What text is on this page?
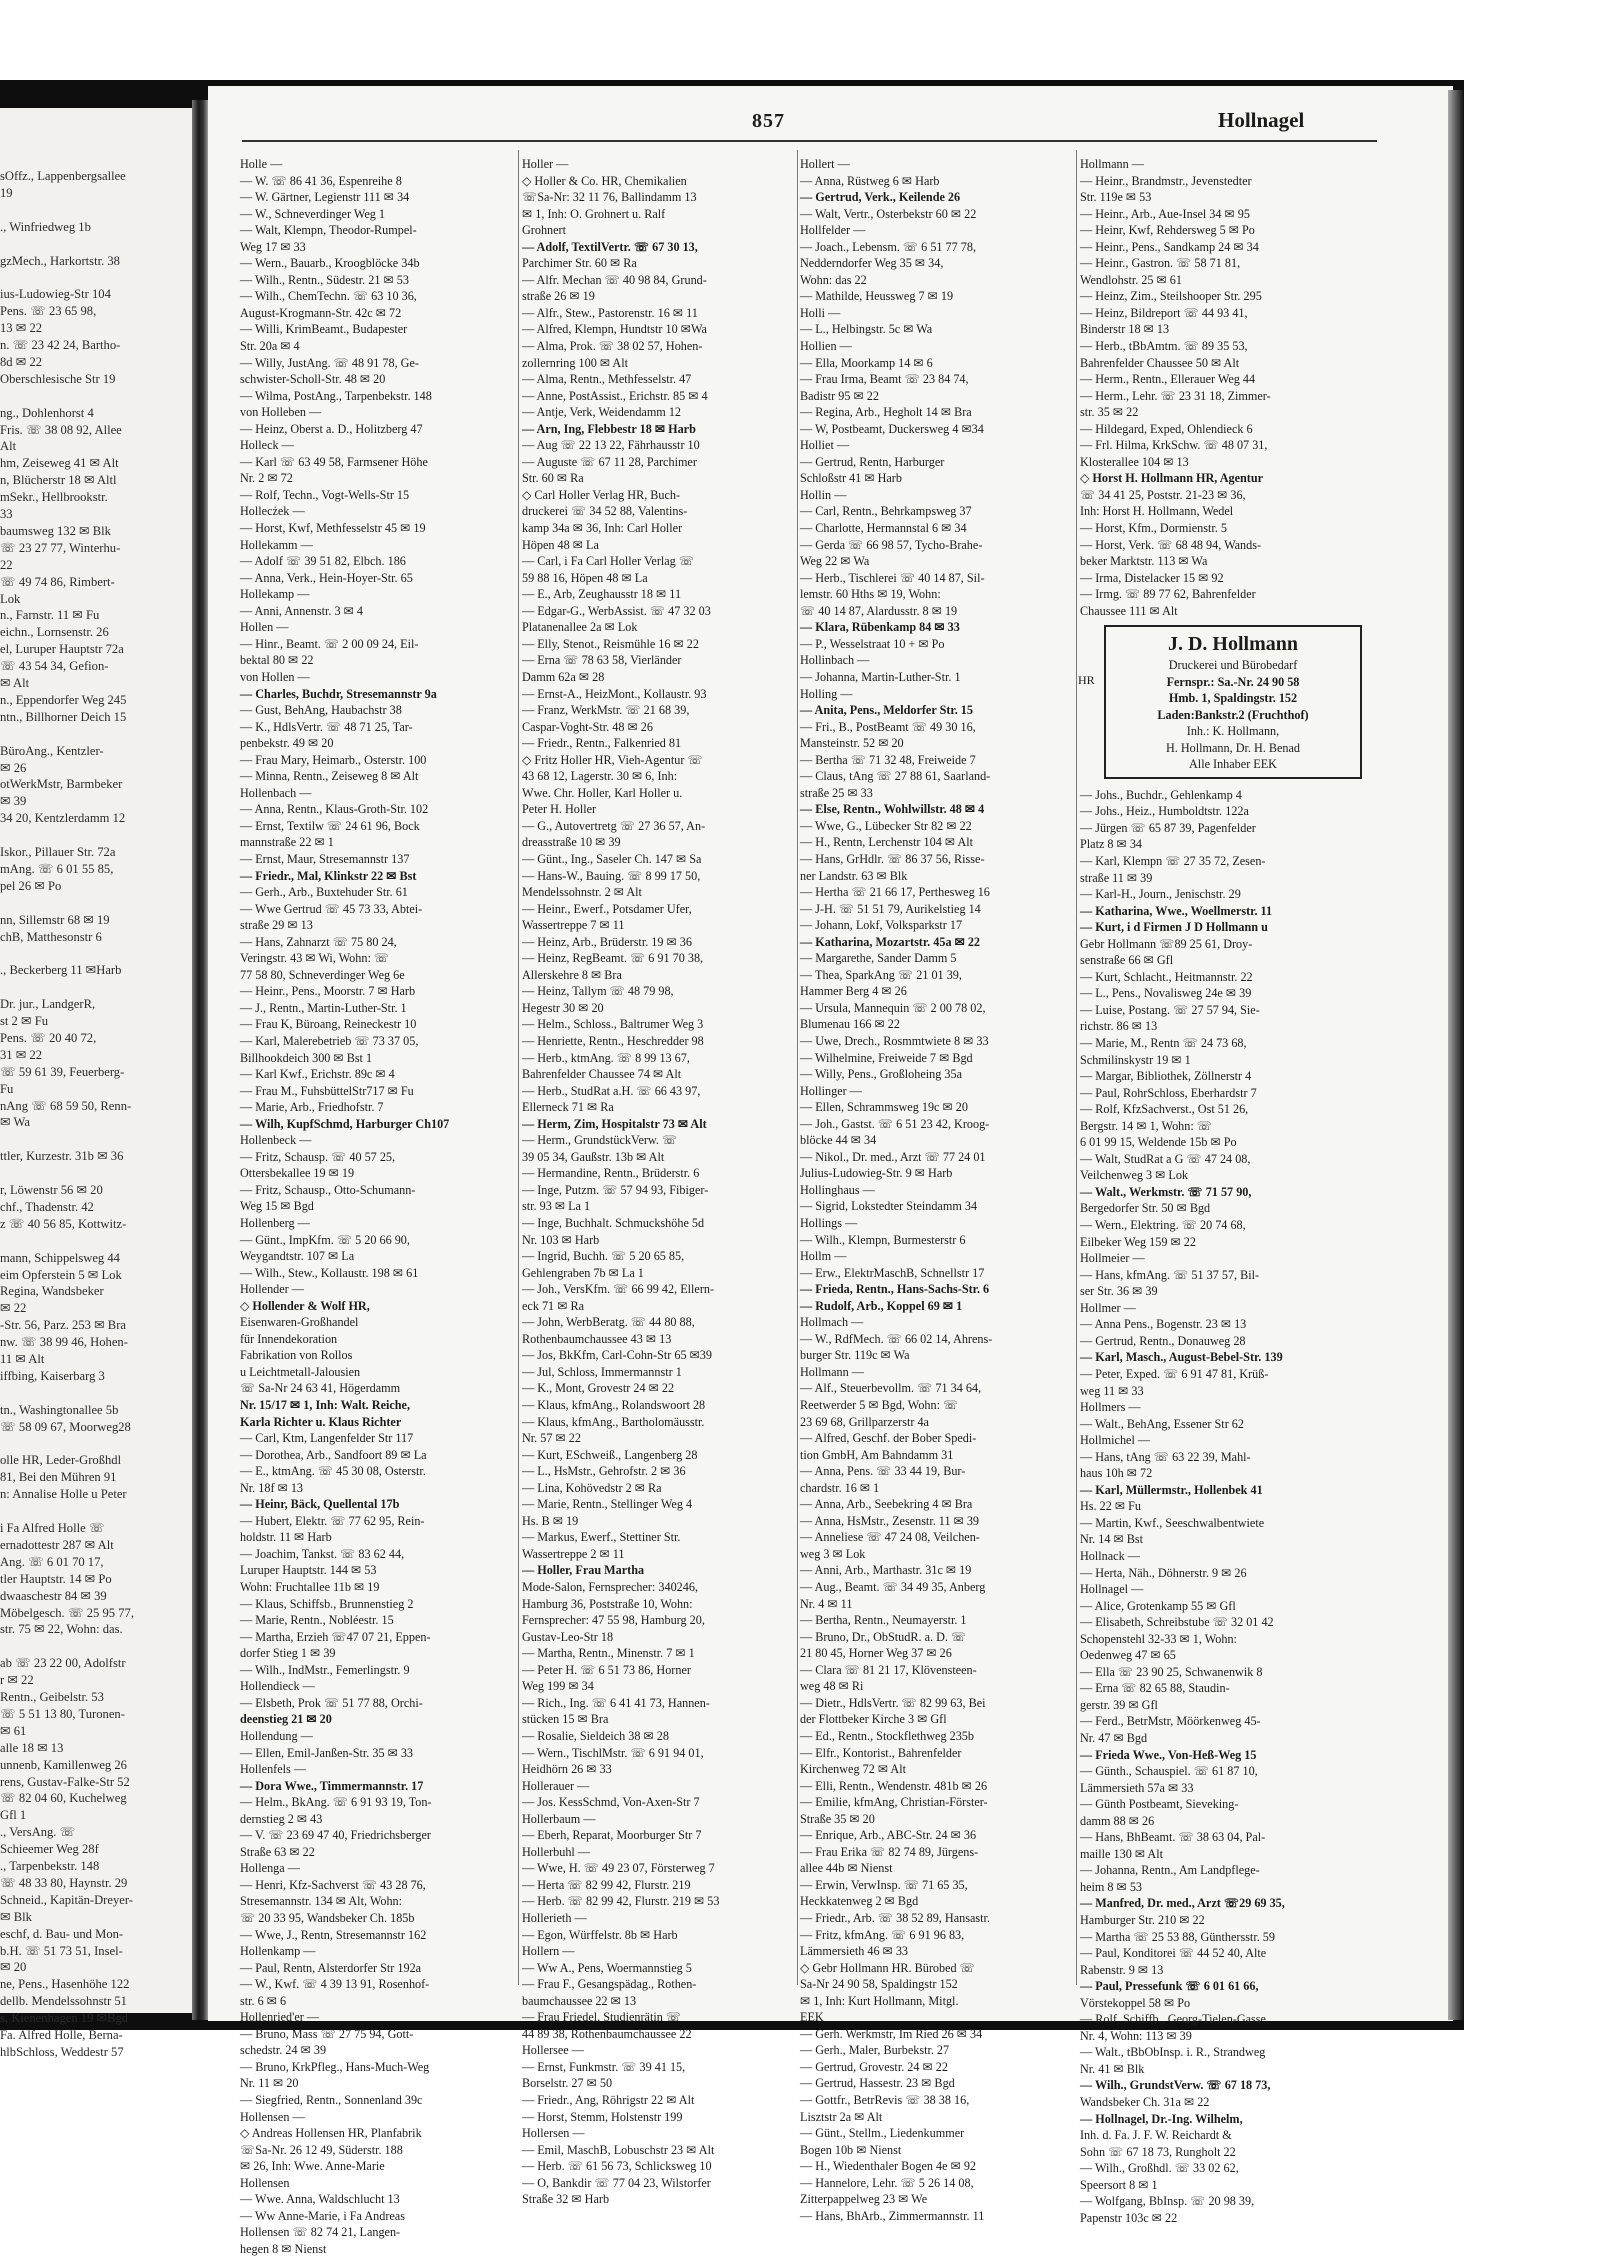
sOffz., Lappenbergsallee
19

., Winfriedweg 1b

gzMech., Harkortstr. 38

ius-Ludowieg-Str 104
Pens. ☏ 23 65 98,
13 ✉ 22
n. ☏ 23 42 24, Bartho-
8d ✉ 22
Oberschlesische Str 19

ng., Dohlenhorst 4
Fris. ☏ 38 08 92, Allee
Alt
hm, Zeiseweg 41 ✉ Alt
n, Blücherstr 18 ✉ Altl
mSekr., Hellbrookstr.
33
baumsweg 132 ✉ Blk
☏ 23 27 77, Winterhu-
22
☏ 49 74 86, Rimbert-
Lok
n., Farnstr. 11 ✉ Fu
eichn., Lornsenstr. 26
el, Luruper Hauptstr 72a
☏ 43 54 34, Gefion-
✉ Alt
n., Eppendorfer Weg 245
ntn., Billhorner Deich 15

BüroAng., Kentzler-
✉ 26
otWerkMstr, Barmbeker
✉ 39
34 20, Kentzlerdamm 12

Iskor., Pillauer Str. 72a
mAng. ☏ 6 01 55 85,
pel 26 ✉ Po

nn, Sillemstr 68 ✉ 19
chB, Matthesonstr 6

., Beckerberg 11 ✉Harb

Dr. jur., LandgerR,
st 2 ✉ Fu
Pens. ☏ 20 40 72,
31 ✉ 22
☏ 59 61 39, Feuerberg-
Fu
nAng ☏ 68 59 50, Renn-
✉ Wa

ttler, Kurzestr. 31b ✉ 36

r, Löwenstr 56 ✉ 20
chf., Thadenstr. 42
z ☏ 40 56 85, Kottwitz-

mann, Schippelsweg 44
eim Opferstein 5 ✉ Lok
Regina, Wandsbeker
✉ 22
-Str. 56, Parz. 253 ✉ Bra
nw. ☏ 38 99 46, Hohen-
11 ✉ Alt
iffbing, Kaiserbarg 3

tn., Washingtonallee 5b
☏ 58 09 67, Moorweg28

olle HR, Leder-Großhdl
81, Bei den Mühren 91
n: Annalise Holle u Peter

i Fa Alfred Holle ☏
ernadottestr 287 ✉ Alt
Ang. ☏ 6 01 70 17,
tler Hauptstr. 14 ✉ Po
dwaaschestr 84 ✉ 39
Möbelgesch. ☏ 25 95 77,
str. 75 ✉ 22, Wohn: das.

ab ☏ 23 22 00, Adolfstr
r ✉ 22
Rentn., Geibelstr. 53
☏ 5 51 13 80, Turonen-
✉ 61
alle 18 ✉ 13
unnenb, Kamillenweg 26
rens, Gustav-Falke-Str 52
☏ 82 04 60, Kuchelweg
Gfl 1
., VersAng. ☏
Schieemer Weg 28f
., Tarpenbekstr. 148
☏ 48 33 80, Haynstr. 29
Schneid., Kapitän-Dreyer-
✉ Blk
eschf, d. Bau- und Mon-
b.H. ☏ 51 73 51, Insel-
✉ 20
ne, Pens., Hasenhöhe 122
dellb. Mendelssohnstr 51
s, Kienenhagen 19 ✉Bgd
Fa. Alfred Holle, Berna-
hlbSchloss, Weddestr 57
857	Hollnagel
Holle —
— W. ☏ 86 41 36, Espenreihe 8
— W. Gärtner, Legienstr 111 ✉ 34
— W., Schneverdinger Weg 1
— Walt, Klempn, Theodor-Rumpel-
Weg 17 ✉ 33
— Wern., Bauarb., Kroogblöcke 34b
— Wilh., Rentn., Südestr. 21 ✉ 53
— Wilh., ChemTechn. ☏ 63 10 36,
August-Krogmann-Str. 42c ✉ 72
— Willi, KrimBeamt., Budapester
Str. 20a ✉ 4
— Willy, JustAng. ☏ 48 91 78, Ge-
schwister-Scholl-Str. 48 ✉ 20
— Wilma, PostAng., Tarpenbekstr. 148
von Holleben —
— Heinz, Oberst a. D., Holitzberg 47
Holleck —
— Karl ☏ 63 49 58, Farmsener Höhe
Nr. 2 ✉ 72
— Rolf, Techn., Vogt-Wells-Str 15
Hollecżek —
— Horst, Kwf, Methfesselstr 45 ✉ 19
Hollekamm —
— Adolf ☏ 39 51 82, Elbch. 186
— Anna, Verk., Hein-Hoyer-Str. 65
Hollekamp —
— Anni, Annenstr. 3 ✉ 4
Hollen —
— Hinr., Beamt. ☏ 2 00 09 24, Eil-
bektal 80 ✉ 22
von Hollen —
— Charles, Buchdr, Stresemannstr 9a
— Gust, BehAng, Haubachstr 38
— K., HdlsVertr. ☏ 48 71 25, Tar-
penbekstr. 49 ✉ 20
— Frau Mary, Heimarb., Osterstr. 100
— Minna, Rentn., Zeiseweg 8 ✉ Alt
Hollenbach —
— Anna, Rentn., Klaus-Groth-Str. 102
— Ernst, Textilw ☏ 24 61 96, Bock
mannstraße 22 ✉ 1
— Ernst, Maur, Stresemannstr 137
— Friedr., Mal, Klinkstr 22 ✉ Bst
— Gerh., Arb., Buxtehuder Str. 61
— Wwe Gertrud ☏ 45 73 33, Abtei-
straße 29 ✉ 13
— Hans, Zahnarzt ☏ 75 80 24,
Veringstr. 43 ✉ Wi, Wohn: ☏
77 58 80, Schneverdinger Weg 6e
— Heinr., Pens., Moorstr. 7 ✉ Harb
— J., Rentn., Martin-Luther-Str. 1
— Frau K, Büroang, Reineckestr 10
— Karl, Malerebetrieb ☏ 73 37 05,
Billhookdeich 300 ✉ Bst 1
— Karl Kwf., Erichstr. 89c ✉ 4
— Frau M., FuhsbüttelStr717 ✉ Fu
— Marie, Arb., Friedhofstr. 7
— Wilh, KupfSchmd, Harburger Ch107
Hollenbeck —
— Fritz, Schausp. ☏ 40 57 25,
Ottersbekallee 19 ✉ 19
— Fritz, Schausp., Otto-Schumann-
Weg 15 ✉ Bgd
Hollenberg —
— Günt., ImpKfm. ☏ 5 20 66 90,
Weygandtstr. 107 ✉ La
— Wilh., Stew., Kollaustr. 198 ✉ 61
Hollender —
◇ Hollender & Wolf HR,
Eisenwaren-Großhandel
für Innendekoration
Fabrikation von Rollos
u Leichtmetall-Jalousien
☏ Sa-Nr 24 63 41, Högerdamm
Nr. 15/17 ✉ 1, Inh: Walt. Reiche,
Karla Richter u. Klaus Richter
— Carl, Ktm, Langenfelder Str 117
— Dorothea, Arb., Sandfoort 89 ✉ La
— E., ktmAng. ☏ 45 30 08, Osterstr.
Nr. 18f ✉ 13
— Heinr, Bäck, Quellental 17b
— Hubert, Elektr. ☏ 77 62 95, Rein-
holdstr. 11 ✉ Harb
— Joachim, Tankst. ☏ 83 62 44,
Luruper Hauptstr. 144 ✉ 53
Wohn: Fruchtallee 11b ✉ 19
— Klaus, Schiffsb., Brunnenstieg 2
— Marie, Rentn., Nobléestr. 15
— Martha, Erzieh ☏47 07 21, Eppen-
dorfer Stieg 1 ✉ 39
— Wilh., IndMstr., Femerlingstr. 9
Hollendieck —
— Elsbeth, Prok ☏ 51 77 88, Orchi-
deenstieg 21 ✉ 20
Hollendung —
— Ellen, Emil-Janßen-Str. 35 ✉ 33
Hollenfels —
— Dora Wwe., Timmermannstr. 17
— Helm., BkAng. ☏ 6 91 93 19, Ton-
dernstieg 2 ✉ 43
— V. ☏ 23 69 47 40, Friedrichsberger
Straße 63 ✉ 22
Hollenga —
— Henri, Kfz-Sachverst ☏ 43 28 76,
Stresemannstr. 134 ✉ Alt, Wohn:
☏ 20 33 95, Wandsbeker Ch. 185b
— Wwe, J., Rentn, Stresemannstr 162
Hollenkamp —
— Paul, Rentn, Alsterdorfer Str 192a
— W., Kwf. ☏ 4 39 13 91, Rosenhof-
str. 6 ✉ 6
Hollenried'er —
— Bruno, Mass ☏ 27 75 94, Gott-
schedstr. 24 ✉ 39
— Bruno, KrkPfleg., Hans-Much-Weg
Nr. 11 ✉ 20
— Siegfried, Rentn., Sonnenland 39c
Hollensen —
◇ Andreas Hollensen HR, Planfabrik
☏Sa-Nr. 26 12 49, Süderstr. 188
✉ 26, Inh: Wwe. Anne-Marie
Hollensen
— Wwe. Anna, Waldschlucht 13
— Ww Anne-Marie, i Fa Andreas
Hollensen ☏ 82 74 21, Langen-
hegen 8 ✉ Nienst
Holler —
◇ Holler & Co. HR, Chemikalien
☏Sa-Nr: 32 11 76, Ballindamm 13
✉ 1, Inh: O. Grohnert u. Ralf
Grohnert
— Adolf, TextilVertr. ☏ 67 30 13,
Parchimer Str. 60 ✉ Ra
— Alfr. Mechan ☏ 40 98 84, Grund-
straße 26 ✉ 19
— Alfr., Stew., Pastorenstr. 16 ✉ 11
— Alfred, Klempn, Hundtstr 10 ✉Wa
— Alma, Prok. ☏ 38 02 57, Hohen-
zollernring 100 ✉ Alt
— Alma, Rentn., Methfesselstr. 47
— Anne, PostAssist., Erichstr. 85 ✉ 4
— Antje, Verk, Weidendamm 12
— Arn, Ing, Flebbestr 18 ✉ Harb
— Aug ☏ 22 13 22, Fährhausstr 10
— Auguste ☏ 67 11 28, Parchimer
Str. 60 ✉ Ra
◇ Carl Holler Verlag HR, Buch-
druckerei ☏ 34 52 88, Valentins-
kamp 34a ✉ 36, Inh: Carl Holler
Höpen 48 ✉ La
— Carl, i Fa Carl Holler Verlag ☏
59 88 16, Höpen 48 ✉ La
— E., Arb, Zeughausstr 18 ✉ 11
— Edgar-G., WerbAssist. ☏ 47 32 03
Platanenallee 2a ✉ Lok
— Elly, Stenot., Reismühle 16 ✉ 22
— Erna ☏ 78 63 58, Vierländer
Damm 62a ✉ 28
— Ernst-A., HeizMont., Kollaustr. 93
— Franz, WerkMstr. ☏ 21 68 39,
Caspar-Voght-Str. 48 ✉ 26
— Friedr., Rentn., Falkenried 81
◇ Fritz Holler HR, Vieh-Agentur ☏
43 68 12, Lagerstr. 30 ✉ 6, Inh:
Wwe. Chr. Holler, Karl Holler u.
Peter H. Holler
— G., Autovertretg ☏ 27 36 57, An-
dreasstraße 10 ✉ 39
— Günt., Ing., Saseler Ch. 147 ✉ Sa
— Hans-W., Bauing. ☏ 8 99 17 50,
Mendelssohnstr. 2 ✉ Alt
— Heinr., Ewerf., Potsdamer Ufer,
Wassertreppe 7 ✉ 11
— Heinz, Arb., Brüderstr. 19 ✉ 36
— Heinz, RegBeamt. ☏ 6 91 70 38,
Allerskehre 8 ✉ Bra
— Heinz, Tallym ☏ 48 79 98,
Hegestr 30 ✉ 20
— Helm., Schloss., Baltrumer Weg 3
— Henriette, Rentn., Heschredder 98
— Herb., ktmAng. ☏ 8 99 13 67,
Bahrenfelder Chaussee 74 ✉ Alt
— Herb., StudRat a.H. ☏ 66 43 97,
Ellerneck 71 ✉ Ra
— Herm, Zim, Hospitalstr 73 ✉ Alt
— Herm., GrundstückVerw. ☏
39 05 34, Gaußstr. 13b ✉ Alt
— Hermandine, Rentn., Brüderstr. 6
— Inge, Putzm. ☏ 57 94 93, Fibiger-
str. 93 ✉ La 1
— Inge, Buchhalt. Schmuckshöhe 5d
Nr. 103 ✉ Harb
— Ingrid, Buchh. ☏ 5 20 65 85,
Gehlengraben 7b ✉ La 1
— Joh., VersKfm. ☏ 66 99 42, Ellern-
eck 71 ✉ Ra
— John, WerbBeratg. ☏ 44 80 88,
Rothenbaumchaussee 43 ✉ 13
— Jos, BkKfm, Carl-Cohn-Str 65 ✉39
— Jul, Schloss, Immermannstr 1
— K., Mont, Grovestr 24 ✉ 22
— Klaus, kfmAng., Rolandswoort 28
— Klaus, kfmAng., Bartholomäusstr.
Nr. 57 ✉ 22
— Kurt, ESchweiß., Langenberg 28
— L., HsMstr., Gehrofstr. 2 ✉ 36
— Lina, Kohövedstr 2 ✉ Ra
— Marie, Rentn., Stellinger Weg 4
Hs. B ✉ 19
— Markus, Ewerf., Stettiner Str.
Wassertreppe 2 ✉ 11
— Holler, Frau Martha
Mode-Salon, Fernsprecher: 340246,
Hamburg 36, Poststraße 10, Wohn:
Fernsprecher: 47 55 98, Hamburg 20,
Gustav-Leo-Str 18
— Martha, Rentn., Minenstr. 7 ✉ 1
— Peter H. ☏ 6 51 73 86, Horner
Weg 199 ✉ 34
— Rich., Ing. ☏ 6 41 41 73, Hannen-
stücken 15 ✉ Bra
— Rosalie, Sieldeich 38 ✉ 28
— Wern., TischlMstr. ☏ 6 91 94 01,
Heidhörn 26 ✉ 33
Hollerauer —
— Jos. KessSchmd, Von-Axen-Str 7
Hollerbaum —
— Eberh, Reparat, Moorburger Str 7
Hollerbuhl —
— Wwe, H. ☏ 49 23 07, Försterweg 7
— Herta ☏ 82 99 42, Flurstr. 219
— Herb. ☏ 82 99 42, Flurstr. 219 ✉ 53
Hollerieth —
— Egon, Würffelstr. 8b ✉ Harb
Hollern —
— Ww A., Pens, Woermannstieg 5
— Frau F., Gesangspädag., Rothen-
baumchaussee 22 ✉ 13
— Frau Friedel, Studienrätin ☏
44 89 38, Rothenbaumchaussee 22
Hollersee —
— Ernst, Funkmstr. ☏ 39 41 15,
Borselstr. 27 ✉ 50
— Friedr., Ang, Röhrigstr 22 ✉ Alt
— Horst, Stemm, Holstenstr 199
Hollersen —
— Emil, MaschB, Lobuschstr 23 ✉ Alt
— Herb. ☏ 61 56 73, Schlicksweg 10
— O, Bankdir ☏ 77 04 23, Wilstorfer
Straße 32 ✉ Harb
Hollert —
— Anna, Rüstweg 6 ✉ Harb
— Gertrud, Verk., Keilende 26
— Walt, Vertr., Osterbekstr 60 ✉ 22
Hollfelder —
— Joach., Lebensm. ☏ 6 51 77 78,
Nedderndorfer Weg 35 ✉ 34,
Wohn: das 22
— Mathilde, Heussweg 7 ✉ 19
Holli —
— L., Helbingstr. 5c ✉ Wa
Hollien —
— Ella, Moorkamp 14 ✉ 6
— Frau Irma, Beamt ☏ 23 84 74,
Badistr 95 ✉ 22
— Regina, Arb., Hegholt 14 ✉ Bra
— W, Postbeamt, Duckersweg 4 ✉34
Holliet —
— Gertrud, Rentn, Harburger
Schloßstr 41 ✉ Harb
Hollin —
— Carl, Rentn., Behrkampsweg 37
— Charlotte, Hermannstal 6 ✉ 34
— Gerda ☏ 66 98 57, Tycho-Brahe-
Weg 22 ✉ Wa
— Herb., Tischlerei ☏ 40 14 87, Sil-
lemstr. 60 Hths ✉ 19, Wohn:
☏ 40 14 87, Alardusstr. 8 ✉ 19
— Klara, Rübenkamp 84 ✉ 33
— P., Wesselstraat 10 + ✉ Po
Hollinbach —
— Johanna, Martin-Luther-Str. 1
Holling —
— Anita, Pens., Meldorfer Str. 15
— Fri., B., PostBeamt ☏ 49 30 16,
Mansteinstr. 52 ✉ 20
— Bertha ☏ 71 32 48, Freiweide 7
— Claus, tAng ☏ 27 88 61, Saarland-
straße 25 ✉ 33
— Else, Rentn., Wohlwillstr. 48 ✉ 4
— Wwe, G., Lübecker Str 82 ✉ 22
— H., Rentn, Lerchenstr 104 ✉ Alt
— Hans, GrHdlr. ☏ 86 37 56, Risse-
ner Landstr. 63 ✉ Blk
— Hertha ☏ 21 66 17, Perthesweg 16
— J-H. ☏ 51 51 79, Aurikelstieg 14
— Johann, Lokf, Volksparkstr 17
— Katharina, Mozartstr. 45a ✉ 22
— Margarethe, Sander Damm 5
— Thea, SparkAng ☏ 21 01 39,
Hammer Berg 4 ✉ 26
— Ursula, Mannequin ☏ 2 00 78 02,
Blumenau 166 ✉ 22
— Uwe, Drech., Rosmmtwiete 8 ✉ 33
— Wilhelmine, Freiweide 7 ✉ Bgd
— Willy, Pens., Großloheing 35a
Hollinger —
— Ellen, Schrammsweg 19c ✉ 20
— Joh., Gastst. ☏ 6 51 23 42, Kroog-
blöcke 44 ✉ 34
— Nikol., Dr. med., Arzt ☏ 77 24 01
Julius-Ludowieg-Str. 9 ✉ Harb
Hollinghaus —
— Sigrid, Lokstedter Steindamm 34
Hollings —
— Wilh., Klempn, Burmesterstr 6
Hollm —
— Erw., ElektrMaschB, Schnellstr 17
— Frieda, Rentn., Hans-Sachs-Str. 6
— Rudolf, Arb., Koppel 69 ✉ 1
Hollmach —
— W., RdfMech. ☏ 66 02 14, Ahrens-
burger Str. 119c ✉ Wa
Hollmann —
— Alf., Steuerbevollm. ☏ 71 34 64,
Reetwerder 5 ✉ Bgd, Wohn: ☏
23 69 68, Grillparzerstr 4a
— Alfred, Geschf. der Bober Spedi-
tion GmbH, Am Bahndamm 31
— Anna, Pens. ☏ 33 44 19, Bur-
chardstr. 16 ✉ 1
— Anna, Arb., Seebekring 4 ✉ Bra
— Anna, HsMstr., Zesenstr. 11 ✉ 39
— Anneliese ☏ 47 24 08, Veilchen-
weg 3 ✉ Lok
— Anni, Arb., Marthastr. 31c ✉ 19
— Aug., Beamt. ☏ 34 49 35, Anberg
Nr. 4 ✉ 11
— Bertha, Rentn., Neumayerstr. 1
— Bruno, Dr., ObStudR. a. D. ☏
21 80 45, Horner Weg 37 ✉ 26
— Clara ☏ 81 21 17, Klövensteen-
weg 48 ✉ Ri
— Dietr., HdlsVertr. ☏ 82 99 63, Bei
der Flottbeker Kirche 3 ✉ Gfl
— Ed., Rentn., Stockflethweg 235b
— Elfr., Kontorist., Bahrenfelder
Kirchenweg 72 ✉ Alt
— Elli, Rentn., Wendenstr. 481b ✉ 26
— Emilie, kfmAng, Christian-Förster-
Straße 35 ✉ 20
— Enrique, Arb., ABC-Str. 24 ✉ 36
— Frau Erika ☏ 82 74 89, Jürgens-
allee 44b ✉ Nienst
— Erwin, VerwInsp. ☏ 71 65 35,
Heckkatenweg 2 ✉ Bgd
— Friedr., Arb. ☏ 38 52 89, Hansastr.
— Fritz, kfmAng. ☏ 6 91 96 83,
Lämmersieth 46 ✉ 33
◇ Gebr Hollmann HR. Bürobed ☏
Sa-Nr 24 90 58, Spaldingstr 152
✉ 1, Inh: Kurt Hollmann, Mitgl.
EEK
— Gerh. Werkmstr, Im Ried 26 ✉ 34
— Gerh., Maler, Burbekstr. 27
— Gertrud, Grovestr. 24 ✉ 22
— Gertrud, Hassestr. 23 ✉ Bgd
— Gottfr., BetrRevis ☏ 38 38 16,
Lisztstr 2a ✉ Alt
— Günt., Stellm., Liedenkummer
Bogen 10b ✉ Nienst
— H., Wiedenthaler Bogen 4e ✉ 92
— Hannelore, Lehr. ☏ 5 26 14 08,
Zitterpappelweg 23 ✉ We
— Hans, BhArb., Zimmermannstr. 11
Hollmann —
— Heinr., Brandmstr., Jevenstedter
Str. 119e ✉ 53
— Heinr., Arb., Aue-Insel 34 ✉ 95
— Heinr, Kwf, Rehdersweg 5 ✉ Po
— Heinr., Pens., Sandkamp 24 ✉ 34
— Heinr., Gastron. ☏ 58 71 81,
Wendlohstr. 25 ✉ 61
— Heinz, Zim., Steilshooper Str. 295
— Heinz, Bildreport ☏ 44 93 41,
Binderstr 18 ✉ 13
— Herb., tBbAmtm. ☏ 89 35 53,
Bahrenfelder Chaussee 50 ✉ Alt
— Herm., Rentn., Ellerauer Weg 44
— Herm., Lehr. ☏ 23 31 18, Zimmer-
str. 35 ✉ 22
— Hildegard, Exped, Ohlendieck 6
— Frl. Hilma, KrkSchw. ☏ 48 07 31,
Klosterallee 104 ✉ 13
◇ Horst H. Hollmann HR, Agentur
☏ 34 41 25, Poststr. 21-23 ✉ 36,
Inh: Horst H. Hollmann, Wedel
— Horst, Kfm., Dormienstr. 5
— Horst, Verk. ☏ 68 48 94, Wands-
beker Marktstr. 113 ✉ Wa
— Irma, Distelacker 15 ✉ 92
— Irmg. ☏ 89 77 62, Bahrenfelder
Chaussee 111 ✉ Alt
J. D. Hollmann
Druckerei und Bürobedarf
Fernspr.: Sa.-Nr. 24 90 58
Hmb. 1, Spaldingstr. 152
Laden:Bankstr.2 (Fruchthof)
Inh.: K. Hollmann,
H. Hollmann, Dr. H. Benad
Alle Inhaber EEK
— Johs., Buchdr., Gehlenkamp 4
— Johs., Heiz., Humboldtstr. 122a
— Jürgen ☏ 65 87 39, Pagenfelder
Platz 8 ✉ 34
— Karl, Klempn ☏ 27 35 72, Zesen-
straße 11 ✉ 39
— Karl-H., Journ., Jenischstr. 29
— Katharina, Wwe., Woellmerstr. 11
— Kurt, i d Firmen J D Hollmann u
Gebr Hollmann ☏89 25 61, Droy-
senstraße 66 ✉ Gfl
— Kurt, Schlacht., Heitmannstr. 22
— L., Pens., Novalisweg 24e ✉ 39
— Luise, Postang. ☏ 27 57 94, Sie-
richstr. 86 ✉ 13
— Marie, M., Rentn ☏ 24 73 68,
Schmilinskystr 19 ✉ 1
— Margar, Bibliothek, Zöllnerstr 4
— Paul, RohrSchloss, Eberhardstr 7
— Rolf, KfzSachverst., Ost 51 26,
Bergstr. 14 ✉ 1, Wohn: ☏
6 01 99 15, Weldende 15b ✉ Po
— Walt, StudRat a G ☏ 47 24 08,
Veilchenweg 3 ✉ Lok
— Walt., Werkmstr. ☏ 71 57 90,
Bergedorfer Str. 50 ✉ Bgd
— Wern., Elektring. ☏ 20 74 68,
Eilbeker Weg 159 ✉ 22
Hollmeier —
— Hans, kfmAng. ☏ 51 37 57, Bil-
ser Str. 36 ✉ 39
Hollmer —
— Anna Pens., Bogenstr. 23 ✉ 13
— Gertrud, Rentn., Donauweg 28
— Karl, Masch., August-Bebel-Str. 139
— Peter, Exped. ☏ 6 91 47 81, Krüß-
weg 11 ✉ 33
Hollmers —
— Walt., BehAng, Essener Str 62
Hollmichel —
— Hans, tAng ☏ 63 22 39, Mahl-
haus 10h ✉ 72
— Karl, Müllermstr., Hollenbek 41
Hs. 22 ✉ Fu
— Martin, Kwf., Seeschwalbentwiete
Nr. 14 ✉ Bst
Hollnack —
— Herta, Näh., Döhnerstr. 9 ✉ 26
Hollnagel —
— Alice, Grotenkamp 55 ✉ Gfl
— Elisabeth, Schreibstube ☏ 32 01 42
Schopenstehl 32-33 ✉ 1, Wohn:
Oedenweg 47 ✉ 65
— Ella ☏ 23 90 25, Schwanenwik 8
— Erna ☏ 82 65 88, Staudin-
gerstr. 39 ✉ Gfl
— Ferd., BetrMstr, Möörkenweg 45-
Nr. 47 ✉ Bgd
— Frieda Wwe., Von-Heß-Weg 15
— Günth., Schauspiel. ☏ 61 87 10,
Lämmersieth 57a ✉ 33
— Günth Postbeamt, Sieveking-
damm 88 ✉ 26
— Hans, BhBeamt. ☏ 38 63 04, Pal-
maille 130 ✉ Alt
— Johanna, Rentn., Am Landpflege-
heim 8 ✉ 53
— Manfred, Dr. med., Arzt ☏29 69 35,
Hamburger Str. 210 ✉ 22
— Martha ☏ 25 53 88, Günthersstr. 59
— Paul, Konditorei ☏ 44 52 40, Alte
Rabenstr. 9 ✉ 13
— Paul, Pressefunk ☏ 6 01 61 66,
Vörstekoppel 58 ✉ Po
— Rolf, Schiffb., Georg-Tielen-Gasse
Nr. 4, Wohn: 113 ✉ 39
— Walt., tBbObInsp. i. R., Strandweg
Nr. 41 ✉ Blk
— Wilh., GrundstVerw. ☏ 67 18 73,
Wandsbeker Ch. 31a ✉ 22
— Hollnagel, Dr.-Ing. Wilhelm,
Inh. d. Fa. J. F. W. Reichardt &
Sohn ☏ 67 18 73, Rungholt 22
— Wilh., Großhdl. ☏ 33 02 62,
Speersort 8 ✉ 1
— Wolfgang, BbInsp. ☏ 20 98 39,
Papenstr 103c ✉ 22
HR
